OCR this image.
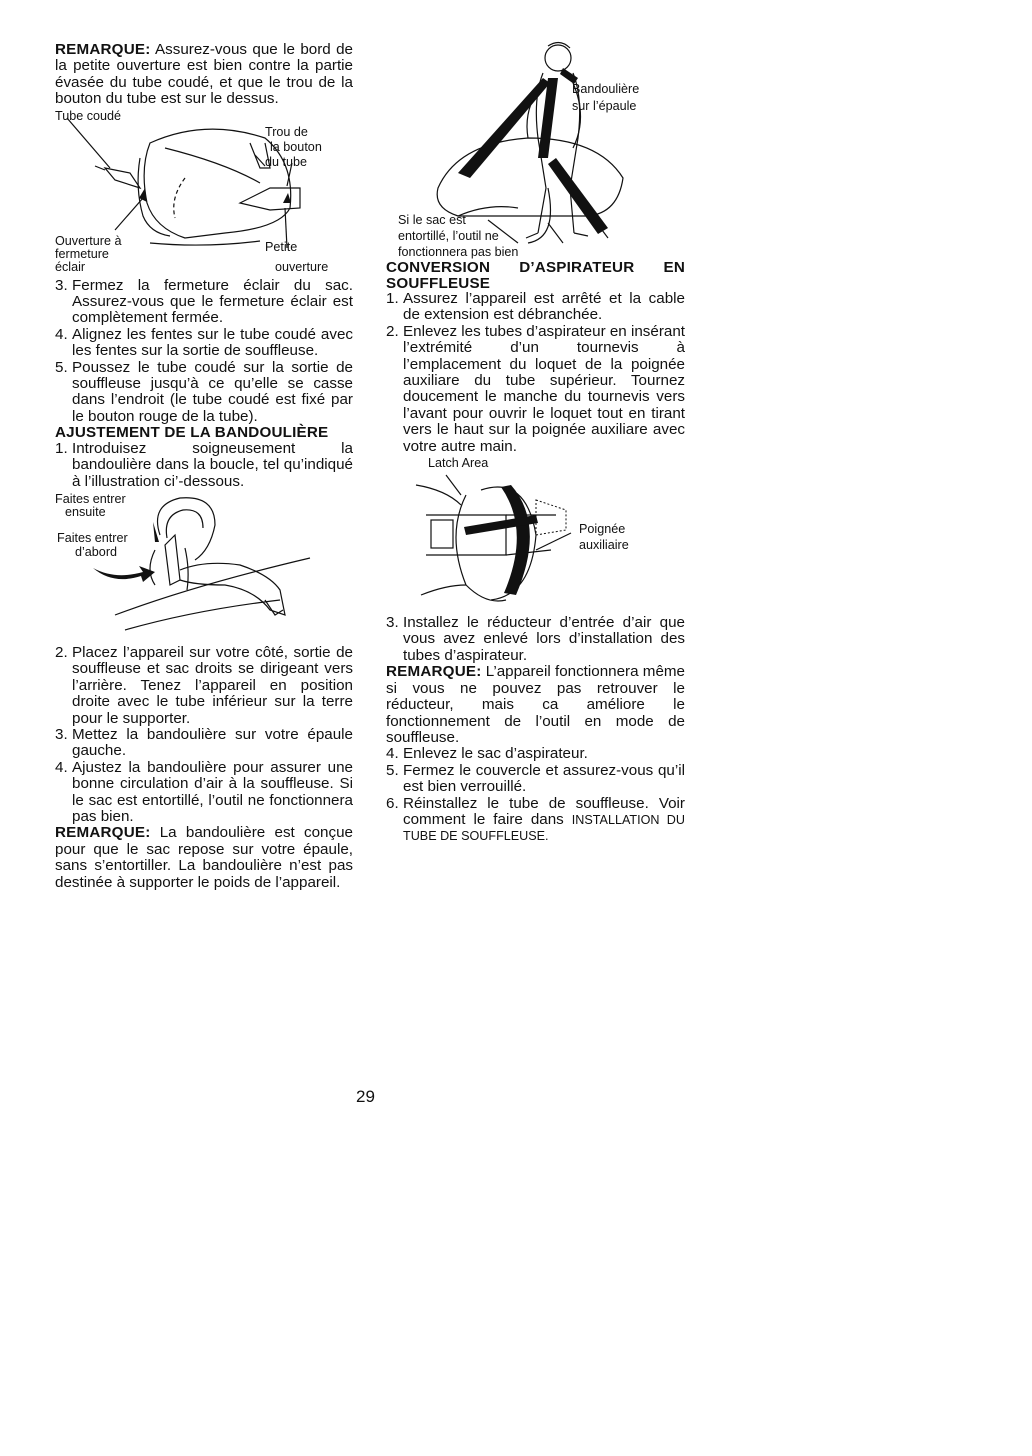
REMARQUE: Assurez-vous que le bord de la petite ouverture est bien contre la partie évasée du tube coudé, et que le trou de la bouton du tube est sur le dessus.

Tube coudé
Trou de
la bouton
du tube
Ouverture à
fermeture
éclair
Petite
ouverture
3. Fermez la fermeture éclair du sac. Assurez-vous que le fermeture éclair est complètement fermée.
4. Alignez les fentes sur le tube coudé avec les fentes sur la sortie de souffleuse.
5. Poussez le tube coudé sur la sortie de souffleuse jusqu’à ce qu’elle se casse dans l’endroit (le tube coudé est fixé par le bouton rouge de la tube).
AJUSTEMENT DE LA BANDOULIÈRE
1. Introduisez soigneusement la bandoulière dans la boucle, tel qu’indiqué à l’illustration ci’-dessous.
Faites entrer
ensuite
Faites entrer
d’abord
2. Placez l’appareil sur votre côté, sortie de souffleuse et sac droits se dirigeant vers l’arrière. Tenez l’appareil en position droite avec le tube inférieur sur la terre pour le supporter.
3. Mettez la bandoulière sur votre épaule gauche.
4. Ajustez la bandoulière pour assurer une bonne circulation d’air à la souffleuse. Si le sac est entortillé, l’outil ne fonctionnera pas bien.

REMARQUE: La bandoulière est conçue pour que le sac repose sur votre épaule, sans s’entortiller. La bandoulière n’est pas destinée à supporter le poids de l’appareil.

Bandoulière
sur l’épaule
Si le sac est
entortillé, l’outil ne
fonctionnera pas bien
CONVERSION D’ASPIRATEUR EN
SOUFFLEUSE
1. Assurez l’appareil est arrêté et la cable de extension est débranchée.
2. Enlevez les tubes d’aspirateur en insérant l’extrémité d’un tournevis à l’emplacement du loquet de la poignée auxiliare du tube supérieur. Tournez doucement le manche du tournevis vers l’avant pour ouvrir le loquet tout en tirant vers le haut sur la poignée auxiliare avec votre autre main.
Latch Area
Poignée
auxiliaire
3. Installez le réducteur d’entrée d’air que vous avez enlevé lors d’installation des tubes d’aspirateur.

REMARQUE: L’appareil fonctionnera même si vous ne pouvez pas retrouver le réducteur, mais ca améliore le fonctionnement de l’outil en mode de souffleuse.

4. Enlevez le sac d’aspirateur.
5. Fermez le couvercle et assurez-vous qu’il est bien verrouillé.
6. Réinstallez le tube de souffleuse. Voir comment le faire dans INSTALLATION DU TUBE DE SOUFFLEUSE.
29
